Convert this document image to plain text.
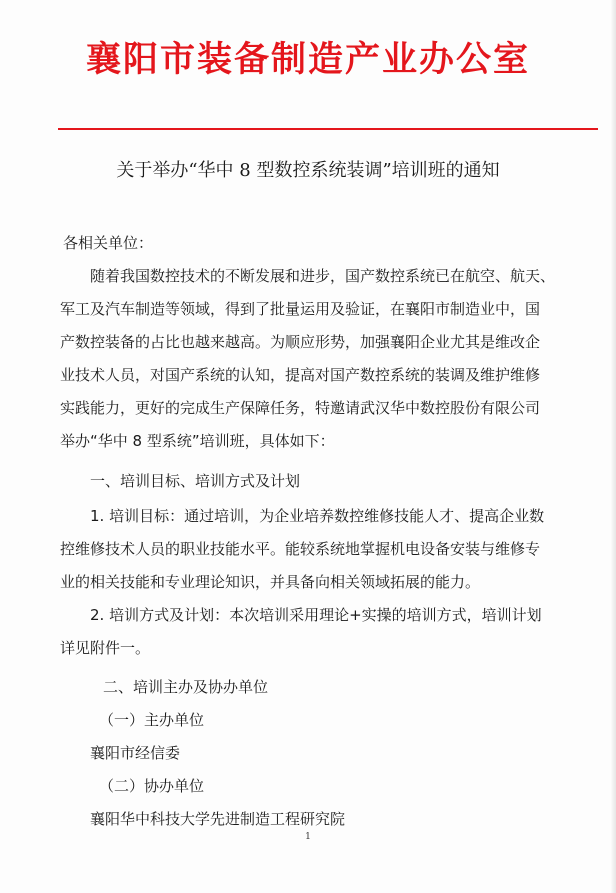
襄阳市装备制造产业办公室
关于举办“华中 8 型数控系统装调”培训班的通知
各相关单位：
随着我国数控技术的不断发展和进步，国产数控系统已在航空、航天、
军工及汽车制造等领域，得到了批量运用及验证，在襄阳市制造业中，国
产数控装备的占比也越来越高。为顺应形势，加强襄阳企业尤其是维改企
业技术人员，对国产系统的认知，提高对国产数控系统的装调及维护维修
实践能力，更好的完成生产保障任务，特邀请武汉华中数控股份有限公司
举办“华中 8 型系统”培训班，具体如下：
一、培训目标、培训方式及计划
1. 培训目标：通过培训，为企业培养数控维修技能人才、提高企业数
控维修技术人员的职业技能水平。能较系统地掌握机电设备安装与维修专
业的相关技能和专业理论知识，并具备向相关领域拓展的能力。
2. 培训方式及计划：本次培训采用理论+实操的培训方式，培训计划
详见附件一。
二、培训主办及协办单位
（一）主办单位
襄阳市经信委
（二）协办单位
襄阳华中科技大学先进制造工程研究院
1
